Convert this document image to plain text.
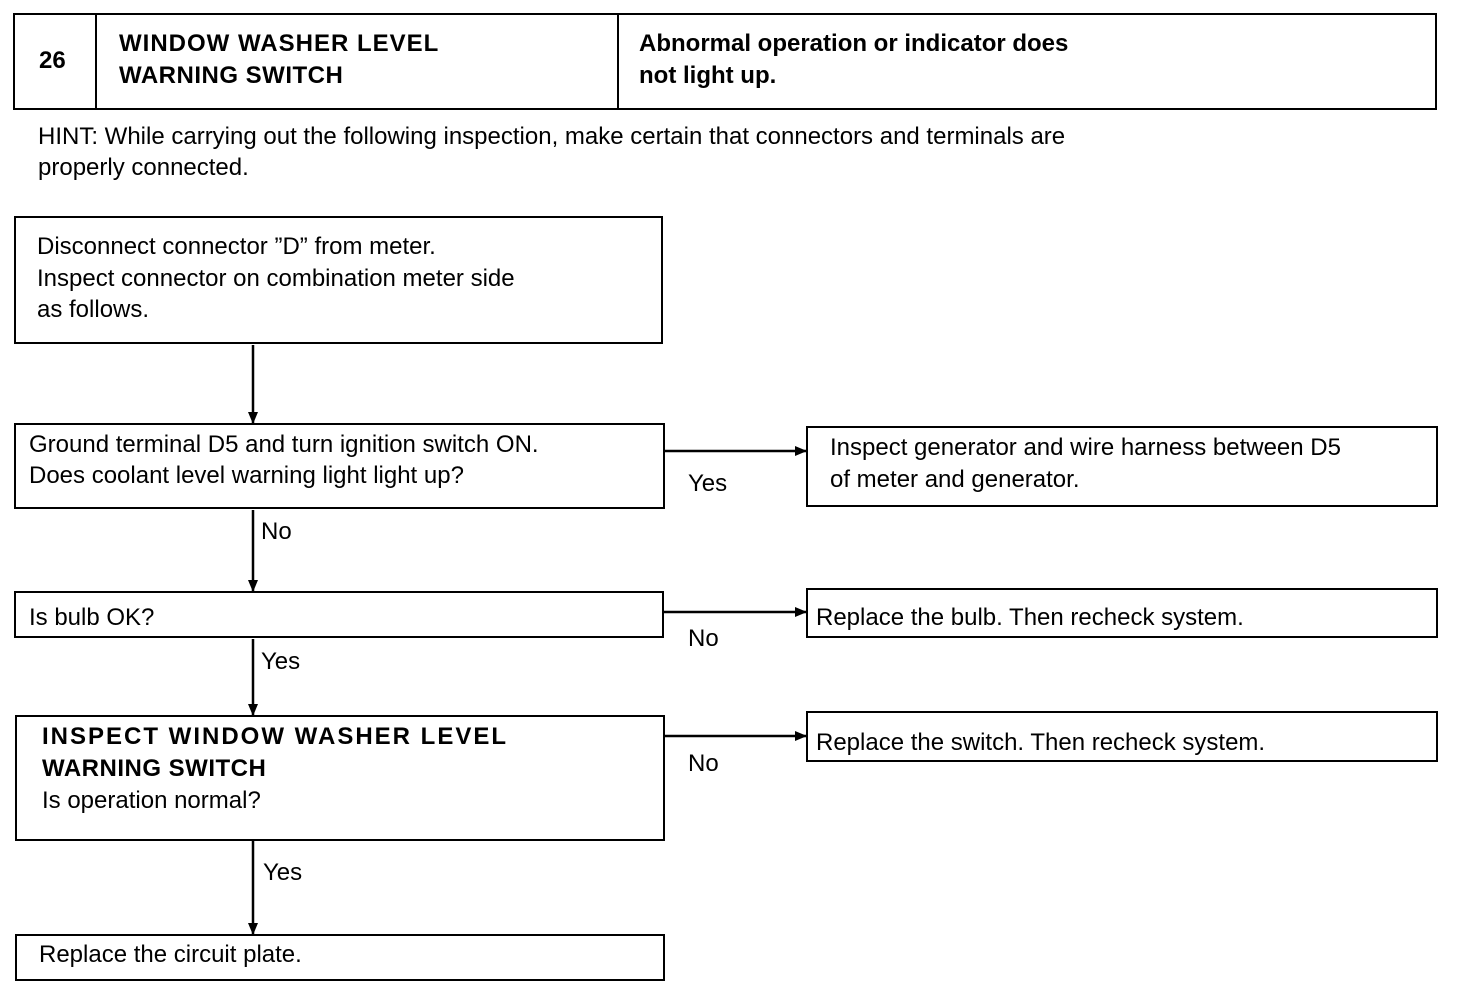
26
WINDOW WASHER LEVEL
WARNING SWITCH
Abnormal operation or indicator does
not light up.
HINT: While carrying out the following inspection, make certain that connectors and terminals are
properly connected.
Disconnect connector ”D” from meter.
Inspect connector on combination meter side
as follows.
Ground terminal D5 and turn ignition switch ON.
Does coolant level warning light light up?
Is bulb OK?
INSPECT WINDOW WASHER LEVEL
WARNING SWITCH
Is operation normal?
Replace the circuit plate.
Inspect generator and wire harness between D5
of meter and generator.
Replace the bulb. Then recheck system.
Replace the switch. Then recheck system.
Yes
No
No
Yes
No
Yes
